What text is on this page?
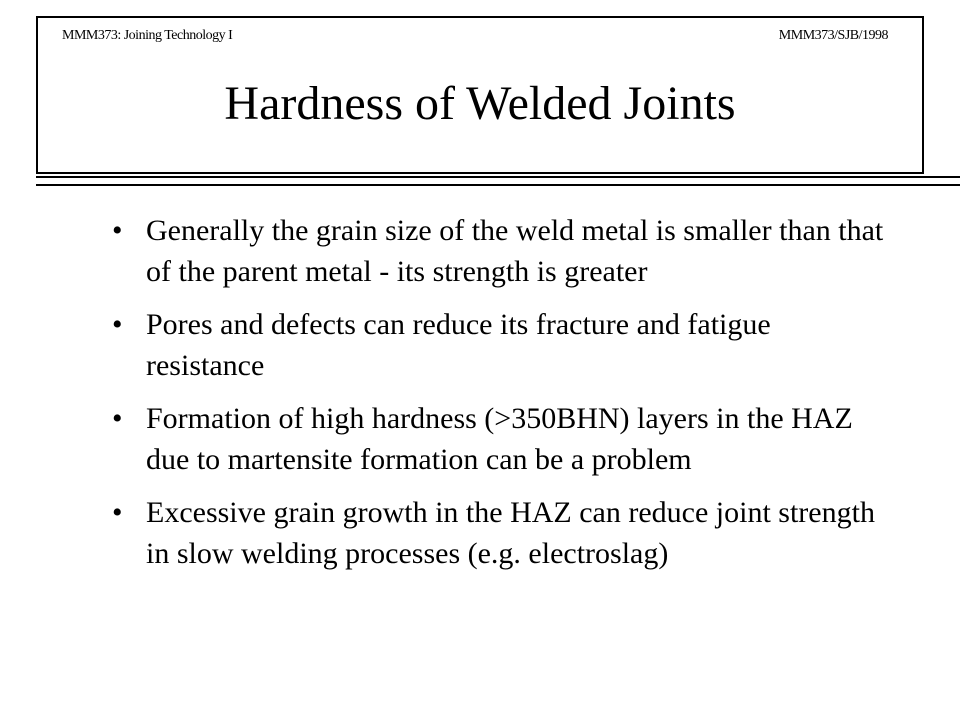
MMM373: Joining Technology I	MMM373/SJB/1998
Hardness of Welded Joints
• Generally the grain size of the weld metal is smaller than that of the parent metal - its strength is greater
• Pores and defects can reduce its fracture and fatigue resistance
• Formation of high hardness (>350BHN) layers in the HAZ due to martensite formation can be a problem
• Excessive grain growth in the HAZ can reduce joint strength in slow welding processes (e.g. electroslag)
